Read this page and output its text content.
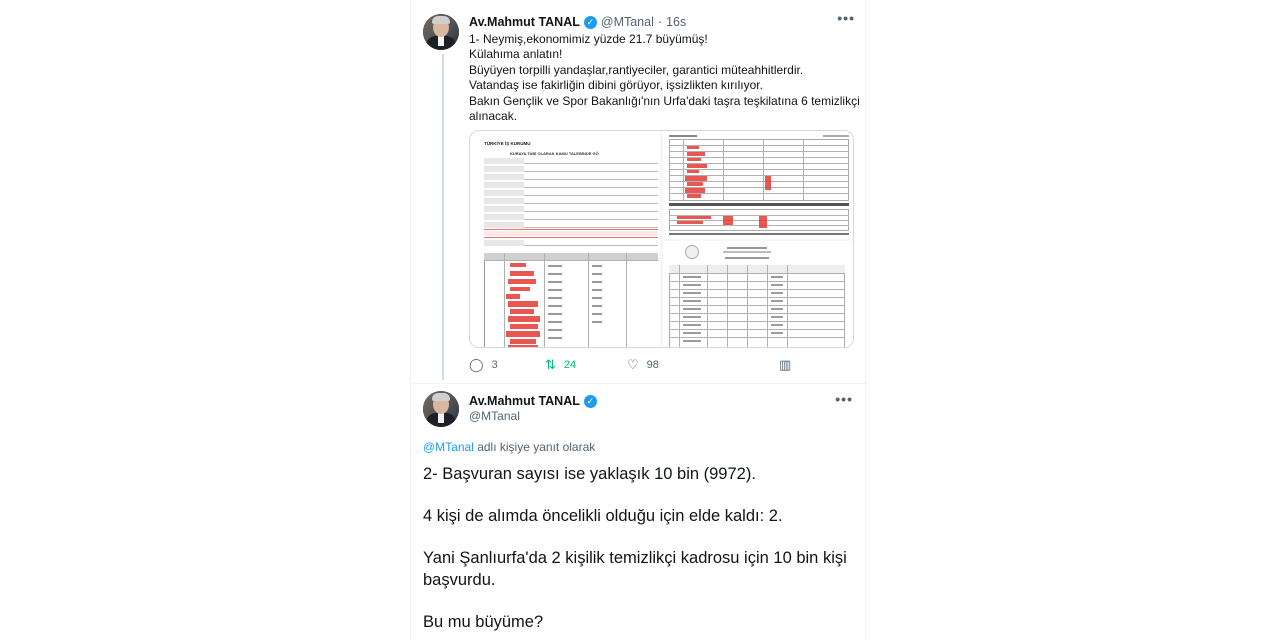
Av.Mahmut TANAL ✓ @MTanal · 16s	•••
1- Neymiş,ekonomimiz yüzde 21.7 büyümüş!
Külahıma anlatın!
Büyüyen torpilli yandaşlar,rantiyeciler, garantici müteahhitlerdir.
Vatandaş ise fakirliğin dibini görüyor, işsizlikten kırılıyor.
Bakın Gençlik ve Spor Bakanlığı'nın Urfa'daki taşra teşkilatına 6 temizlikçi
alınacak.
TÜRKİYE İŞ KURUMU
KURAYA TABİ OLARAK KAMU TALEBİNDE GÖ
◯ 3	⇅ 24	♡ 98	▥
Av.Mahmut TANAL ✓
@MTanal
•••
@MTanal adlı kişiye yanıt olarak

2- Başvuran sayısı ise yaklaşık 10 bin (9972).

4 kişi de alımda öncelikli olduğu için elde kaldı: 2.

Yani Şanlıurfa'da 2 kişilik temizlikçi kadrosu için 10 bin kişi başvurdu.

Bu mu büyüme?
